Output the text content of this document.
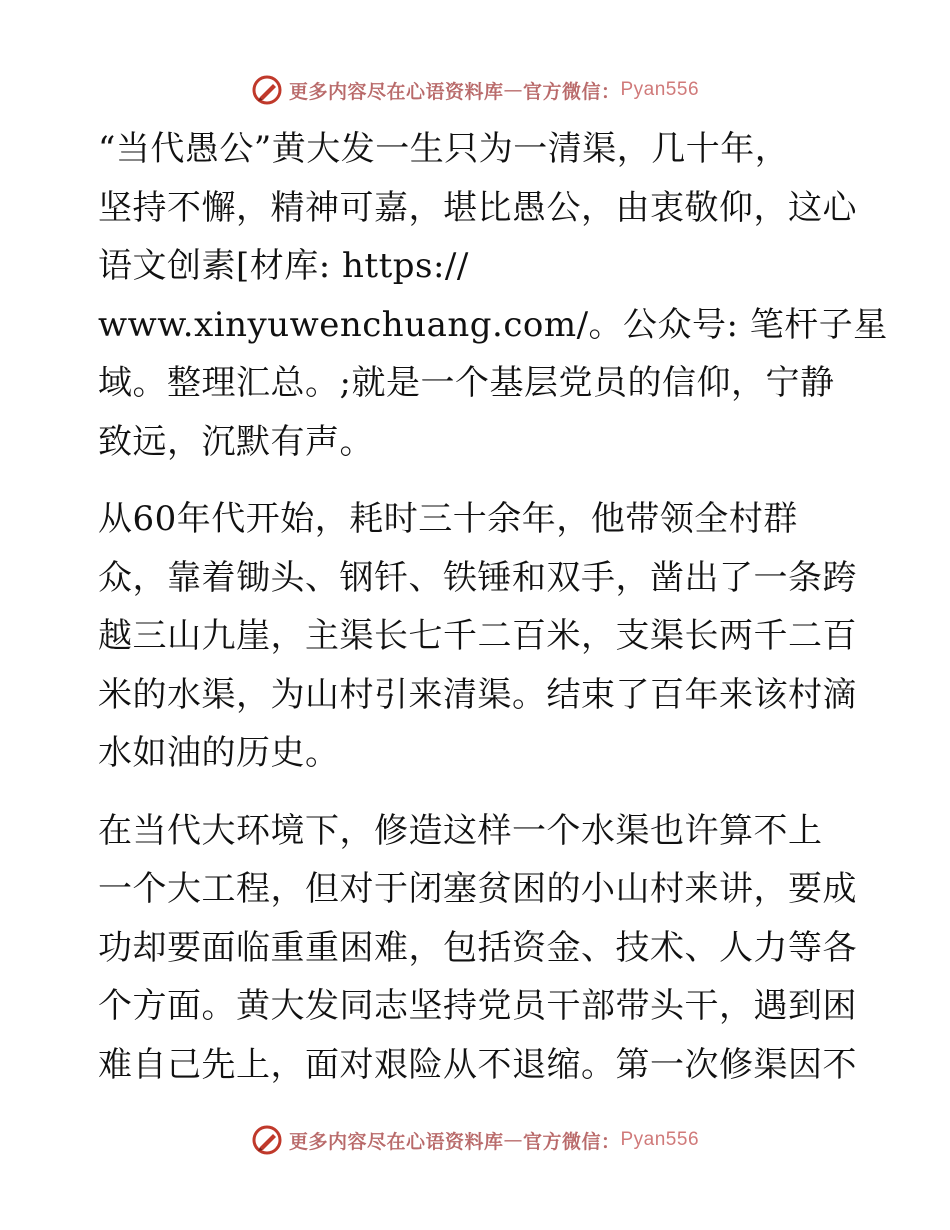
更多内容尽在心语资料库 — 官方微信： Pyan556

“当代愚公”黄大发一生只为一清渠，几十年，
坚持不懈，精神可嘉，堪比愚公，由衷敬仰，这心
语文创素[材库: https://
www.xinyuwenchuang.com/。公众号: 笔杆子星
域。整理汇总。;就是一个基层党员的信仰，宁静
致远，沉默有声。

从60年代开始，耗时三十余年，他带领全村群
众，靠着锄头、钢钎、铁锤和双手，凿出了一条跨
越三山九崖，主渠长七千二百米，支渠长两千二百
米的水渠，为山村引来清渠。结束了百年来该村滴
水如油的历史。

在当代大环境下，修造这样一个水渠也许算不上
一个大工程，但对于闭塞贫困的小山村来讲，要成
功却要面临重重困难，包括资金、技术、人力等各
个方面。黄大发同志坚持党员干部带头干，遇到困
难自己先上，面对艰险从不退缩。第一次修渠因不

更多内容尽在心语资料库 — 官方微信： Pyan556
